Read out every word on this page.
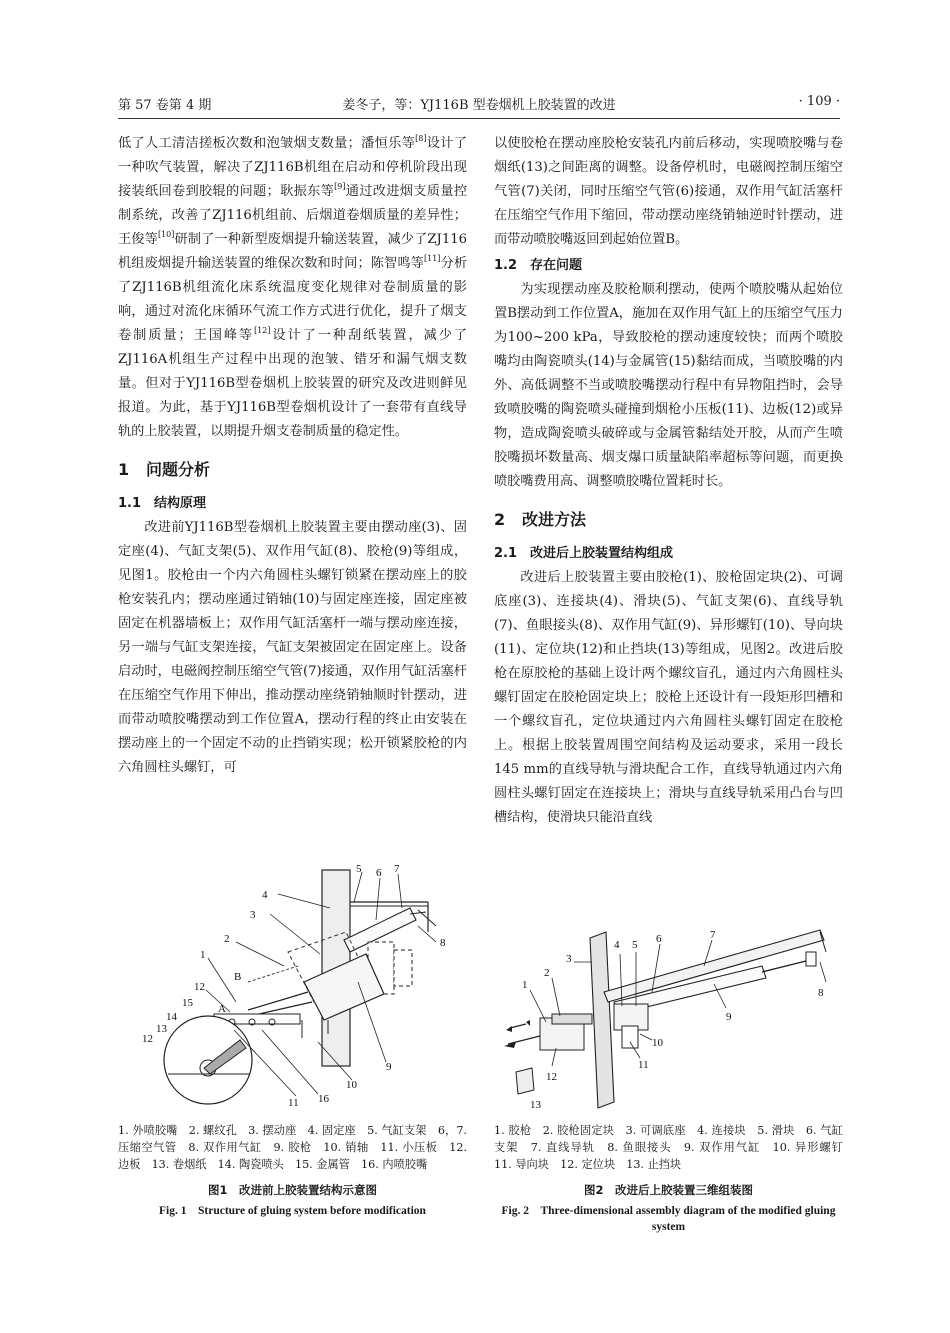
第 57 卷第 4 期	姜冬子，等：YJ116B 型卷烟机上胶装置的改进	· 109 ·

低了人工清洁搓板次数和泡皱烟支数量；潘恒乐等[8]设计了一种吹气装置，解决了ZJ116B机组在启动和停机阶段出现接装纸回卷到胶辊的问题；耿振东等[9]通过改进烟支质量控制系统，改善了ZJ116机组前、后烟道卷烟质量的差异性；王俊等[10]研制了一种新型废烟提升输送装置，减少了ZJ116机组废烟提升输送装置的维保次数和时间；陈智鸣等[11]分析了ZJ116B机组流化床系统温度变化规律对卷制质量的影响，通过对流化床循环气流工作方式进行优化，提升了烟支卷制质量；王国峰等[12]设计了一种刮纸装置，减少了ZJ116A机组生产过程中出现的泡皱、错牙和漏气烟支数量。但对于YJ116B型卷烟机上胶装置的研究及改进则鲜见报道。为此，基于YJ116B型卷烟机设计了一套带有直线导轨的上胶装置，以期提升烟支卷制质量的稳定性。

1 问题分析
1.1 结构原理

改进前YJ116B型卷烟机上胶装置主要由摆动座(3)、固定座(4)、气缸支架(5)、双作用气缸(8)、胶枪(9)等组成，见图1。胶枪由一个内六角圆柱头螺钉锁紧在摆动座上的胶枪安装孔内；摆动座通过销轴(10)与固定座连接，固定座被固定在机器墙板上；双作用气缸活塞杆一端与摆动座连接，另一端与气缸支架连接，气缸支架被固定在固定座上。设备启动时，电磁阀控制压缩空气管(7)接通，双作用气缸活塞杆在压缩空气作用下伸出，推动摆动座绕销轴顺时针摆动，进而带动喷胶嘴摆动到工作位置A，摆动行程的终止由安装在摆动座上的一个固定不动的止挡销实现；松开锁紧胶枪的内六角圆柱头螺钉，可

以使胶枪在摆动座胶枪安装孔内前后移动，实现喷胶嘴与卷烟纸(13)之间距离的调整。设备停机时，电磁阀控制压缩空气管(7)关闭，同时压缩空气管(6)接通，双作用气缸活塞杆在压缩空气作用下缩回，带动摆动座绕销轴逆时针摆动，进而带动喷胶嘴返回到起始位置B。

1.2 存在问题

为实现摆动座及胶枪顺利摆动，使两个喷胶嘴从起始位置B摆动到工作位置A，施加在双作用气缸上的压缩空气压力为100~200 kPa，导致胶枪的摆动速度较快；而两个喷胶嘴均由陶瓷喷头(14)与金属管(15)黏结而成，当喷胶嘴的内外、高低调整不当或喷胶嘴摆动行程中有异物阻挡时，会导致喷胶嘴的陶瓷喷头碰撞到烟枪小压板(11)、边板(12)或异物，造成陶瓷喷头破碎或与金属管黏结处开胶，从而产生喷胶嘴损坏数量高、烟支爆口质量缺陷率超标等问题，而更换喷胶嘴费用高、调整喷胶嘴位置耗时长。

2 改进方法
2.1 改进后上胶装置结构组成

改进后上胶装置主要由胶枪(1)、胶枪固定块(2)、可调底座(3)、连接块(4)、滑块(5)、气缸支架(6)、直线导轨(7)、鱼眼接头(8)、双作用气缸(9)、异形螺钉(10)、导向块(11)、定位块(12)和止挡块(13)等组成，见图2。改进后胶枪在原胶枪的基础上设计两个螺纹盲孔，通过内六角圆柱头螺钉固定在胶枪固定块上；胶枪上还设计有一段矩形凹槽和一个螺纹盲孔，定位块通过内六角圆柱头螺钉固定在胶枪上。根据上胶装置周围空间结构及运动要求，采用一段长145 mm的直线导轨与滑块配合工作，直线导轨通过内六角圆柱头螺钉固定在连接块上；滑块与直线导轨采用凸台与凹槽结构，使滑块只能沿直线

5 6 7
4
3
8
2
1
B
12
15 A
14
13
12
9
10
16
11
1. 外喷胶嘴　2. 螺纹孔　3. 摆动座　4. 固定座　5. 气缸支架　6，7. 压缩空气管　8. 双作用气缸　9. 胶枪　10. 销轴　11. 小压板　12. 边板　13. 卷烟纸　14. 陶瓷喷头　15. 金属管　16. 内喷胶嘴
图1　改进前上胶装置结构示意图
Fig. 1　Structure of gluing system before modification
4 5 6	7
3
2
1
8
9
10
11
12
13
1. 胶枪　2. 胶枪固定块　3. 可调底座　4. 连接块　5. 滑块　6. 气缸支架　7. 直线导轨　8. 鱼眼接头　9. 双作用气缸　10. 异形螺钉　11. 导向块　12. 定位块　13. 止挡块
图2　改进后上胶装置三维组装图
Fig. 2　Three-dimensional assembly diagram of the modified gluing system
